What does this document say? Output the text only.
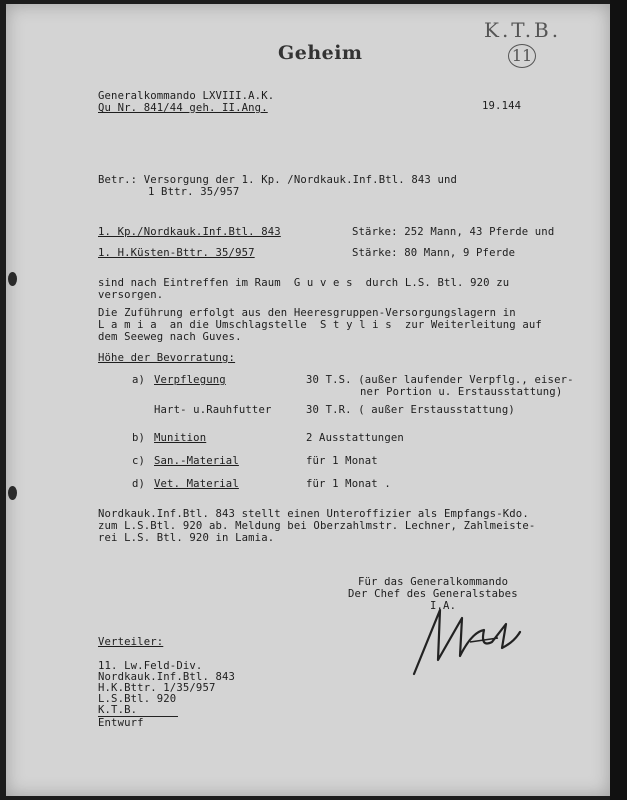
Geheim
K.T.B.
11
Generalkommando LXVIII.A.K.
Qu Nr. 841/44 geh. II.Ang.	19.144
Betr.: Versorgung der 1. Kp. /Nordkauk.Inf.Btl. 843 und
1 Bttr. 35/957
1. Kp./Nordkauk.Inf.Btl. 843	Stärke: 252 Mann, 43 Pferde und
1. H.Küsten-Bttr. 35/957	Stärke: 80 Mann, 9 Pferde
sind nach Eintreffen im Raum  G u v e s  durch L.S. Btl. 920 zu
versorgen.
Die Zuführung erfolgt aus den Heeresgruppen-Versorgungslagern in
L a m i a  an die Umschlagstelle  S t y l i s  zur Weiterleitung auf
dem Seeweg nach Guves.
Höhe der Bevorratung:
a) Verpflegung	30 T.S. (außer laufender Verpflg., eiser-
ner Portion u. Erstausstattung)
Hart- u.Rauhfutter	30 T.R. ( außer Erstausstattung)
b) Munition	2 Ausstattungen
c) San.-Material	für 1 Monat
d) Vet. Material	für 1 Monat .
Nordkauk.Inf.Btl. 843 stellt einen Unteroffizier als Empfangs-Kdo.
zum L.S.Btl. 920 ab. Meldung bei Oberzahlmstr. Lechner, Zahlmeiste-
rei L.S. Btl. 920 in Lamia.
Für das Generalkommando
Der Chef des Generalstabes
I.A.
Verteiler:
11. Lw.Feld-Div.
Nordkauk.Inf.Btl. 843
H.K.Bttr. 1/35/957
L.S.Btl. 920
K.T.B.
Entwurf
